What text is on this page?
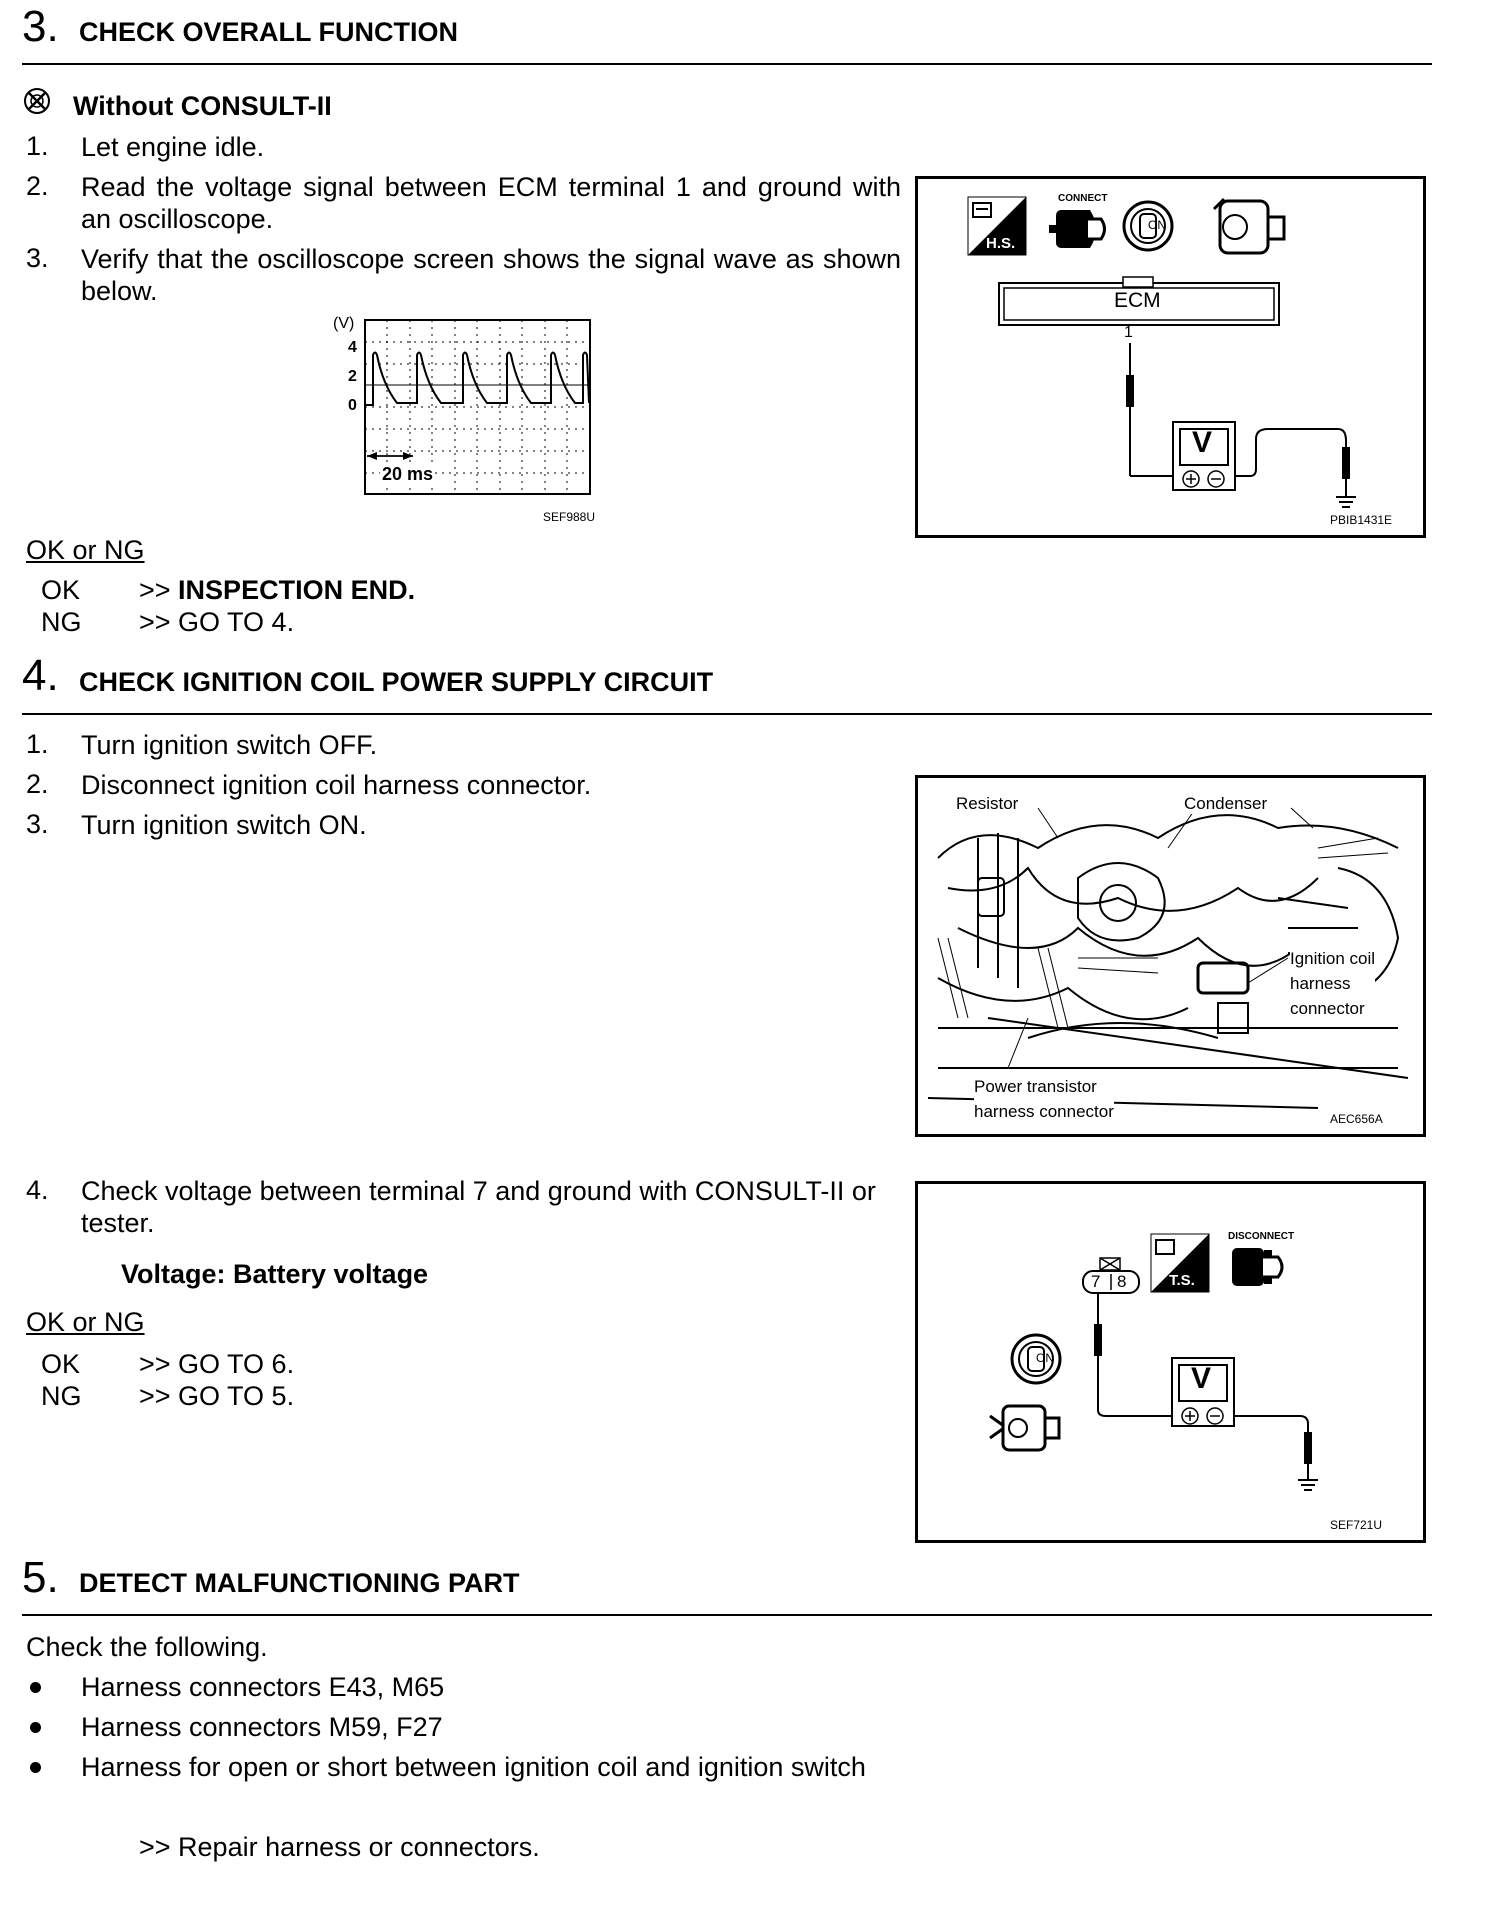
3. CHECK OVERALL FUNCTION
Without CONSULT-II
1. Let engine idle.
2. Read the voltage signal between ECM terminal 1 and ground with an oscilloscope.
3. Verify that the oscilloscope screen shows the signal wave as shown below.
(V)
4
2
0
20 ms
SEF988U
H.S.
CONNECT
ON
ECM
1
V
PBIB1431E
OK or NG
OK >> INSPECTION END.
NG >> GO TO 4.
4. CHECK IGNITION COIL POWER SUPPLY CIRCUIT
1. Turn ignition switch OFF.
2. Disconnect ignition coil harness connector.
3. Turn ignition switch ON.
Resistor	Condenser
Ignition coil
harness
connector
Power transistor
harness connector	AEC656A
4. Check voltage between terminal 7 and ground with CONSULT-II or tester.
Voltage: Battery voltage	7 8	T.S.
DISCONNECT
ON
V
SEF721U
OK or NG
OK >> GO TO 6.
NG >> GO TO 5.
5. DETECT MALFUNCTIONING PART
Check the following.
Harness connectors E43, M65
Harness connectors M59, F27
Harness for open or short between ignition coil and ignition switch
>> Repair harness or connectors.
